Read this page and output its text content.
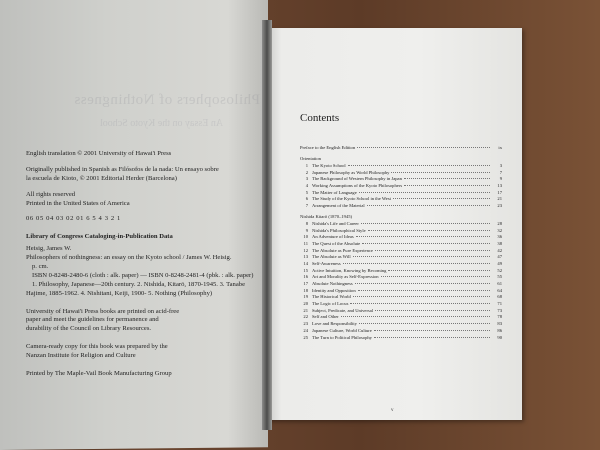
Philosophers of Nothingness
An Essay on the Kyoto School

English translation © 2001 University of Hawai'i Press

Originally published in Spanish as Filósofos de la nada: Un ensayo sobre

la escuela de Kioto, © 2001 Editorial Herder (Barcelona)

All rights reserved

Printed in the United States of America

06 05 04 03 02 01 6 5 4 3 2 1

Library of Congress Cataloging-in-Publication Data

Heisig, James W.

Philosophers of nothingness: an essay on the Kyoto school / James W. Heisig.

p. cm.

ISBN 0-8248-2480-6 (cloth : alk. paper) — ISBN 0-8248-2481-4 (pbk. : alk. paper)

1. Philosophy, Japanese—20th century. 2. Nishida, Kitarō, 1870-1945. 3. Tanabe

Hajime, 1885-1962. 4. Nishitani, Keiji, 1900- 5. Nothing (Philosophy)

University of Hawai'i Press books are printed on acid-free

paper and meet the guidelines for permanence and

durability of the Council on Library Resources.

Camera-ready copy for this book was prepared by the

Nanzan Institute for Religion and Culture

Printed by The Maple-Vail Book Manufacturing Group

Contents
Preface to the English Edition	ix
Orientation
1 The Kyoto School	3
2 Japanese Philosophy as World Philosophy	7
3 The Background of Western Philosophy in Japan	9
4 Working Assumptions of the Kyoto Philosophers	13
5 The Matter of Language	17
6 The Study of the Kyoto School in the West	21
7 Arrangement of the Material	23
Nishida Kitarō (1870–1945)
8 Nishida's Life and Career	28
9 Nishida's Philosophical Style	32
10 An Adventure of Ideas	36
11 The Quest of the Absolute	38
12 The Absolute as Pure Experience	42
13 The Absolute as Will	47
14 Self-Awareness	49
15 Active Intuition, Knowing by Becoming	52
16 Art and Morality as Self-Expression	55
17 Absolute Nothingness	61
18 Identity and Opposition	64
19 The Historical World	68
20 The Logic of Locus	71
21 Subject, Predicate, and Universal	73
22 Self and Other	78
23 Love and Responsibility	83
24 Japanese Culture, World Culture	86
25 The Turn to Political Philosophy	90
v
